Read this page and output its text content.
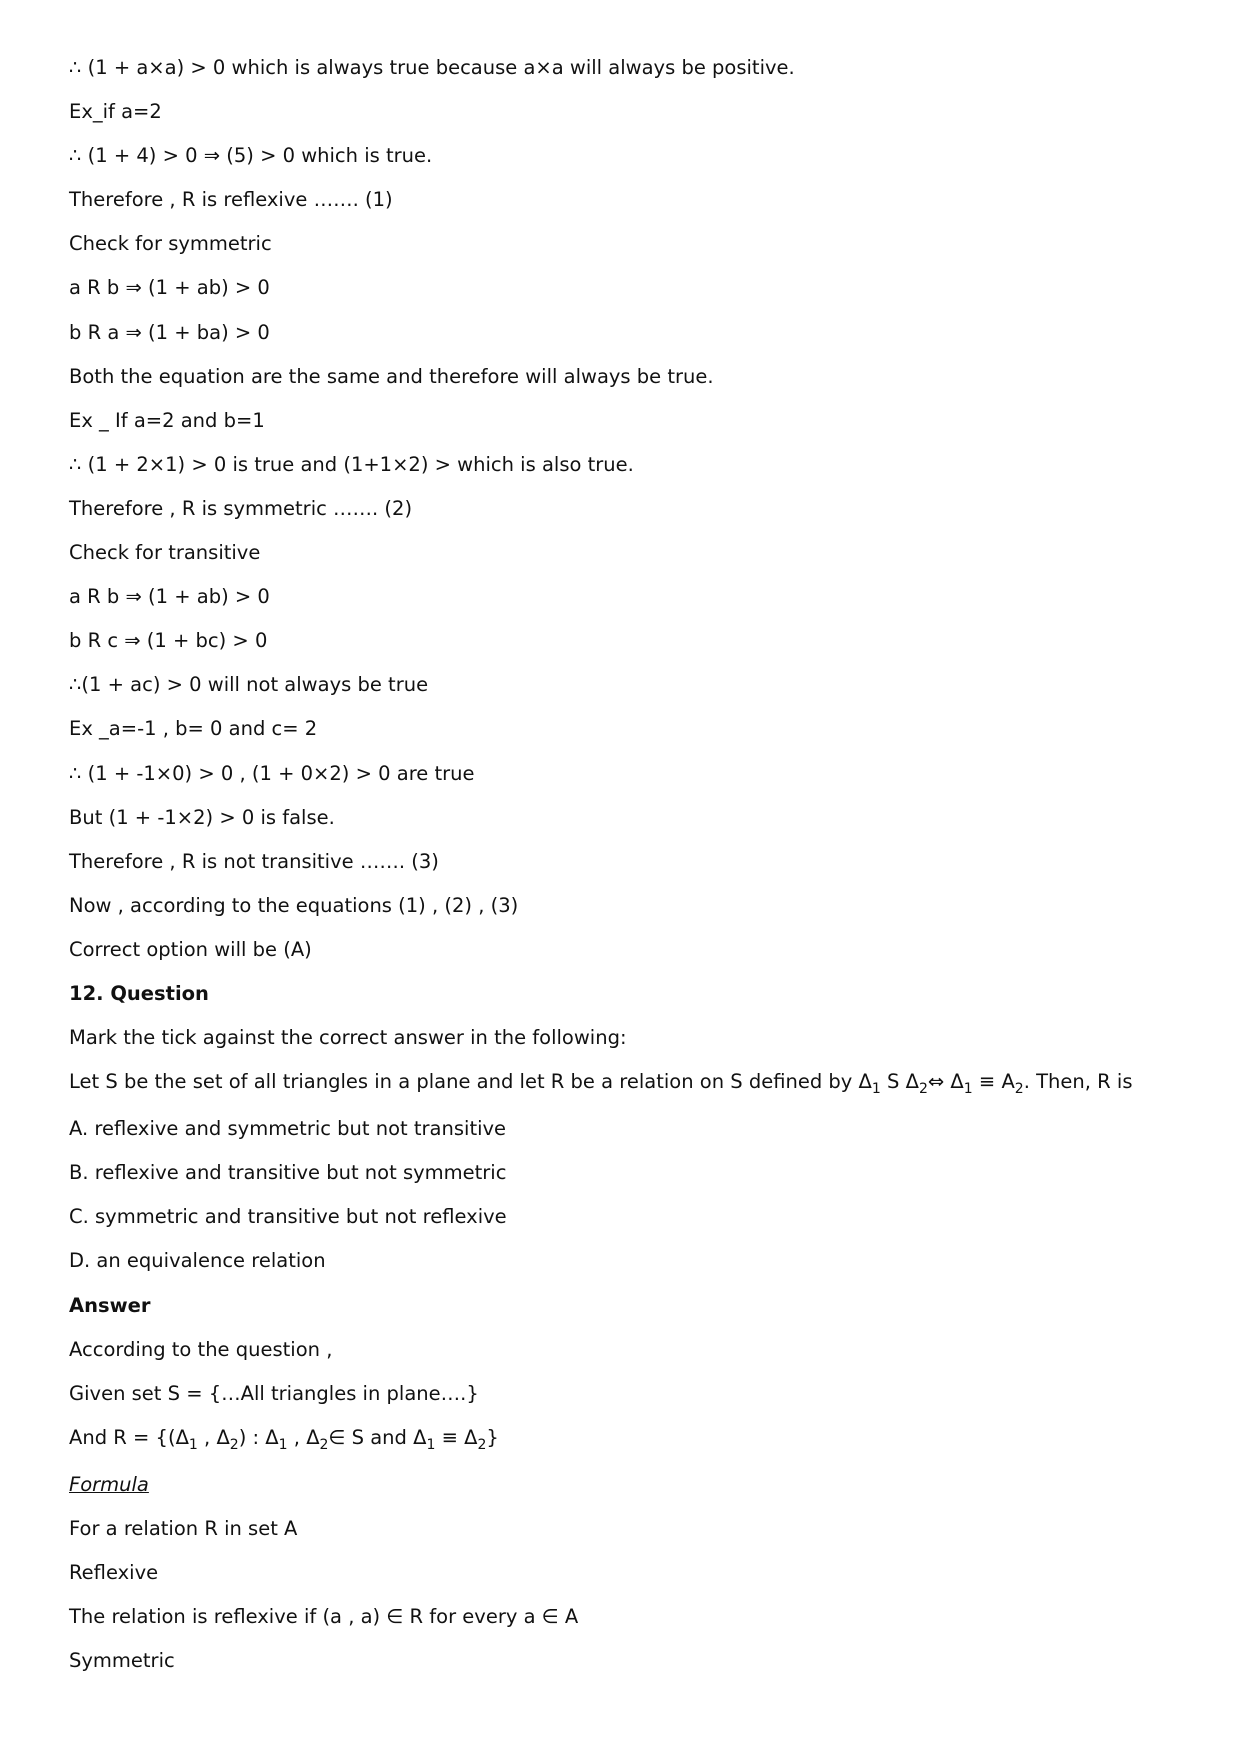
∴ (1 + a×a) > 0 which is always true because a×a will always be positive.
Ex_if a=2
∴ (1 + 4) > 0 ⇒ (5) > 0 which is true.
Therefore , R is reflexive ……. (1)
Check for symmetric
a R b ⇒ (1 + ab) > 0
b R a ⇒ (1 + ba) > 0
Both the equation are the same and therefore will always be true.
Ex _ If a=2 and b=1
∴ (1 + 2×1) > 0 is true and (1+1×2) > which is also true.
Therefore , R is symmetric ……. (2)
Check for transitive
a R b ⇒ (1 + ab) > 0
b R c ⇒ (1 + bc) > 0
∴(1 + ac) > 0 will not always be true
Ex _a=-1 , b= 0 and c= 2
∴ (1 + -1×0) > 0 , (1 + 0×2) > 0 are true
But (1 + -1×2) > 0 is false.
Therefore , R is not transitive ……. (3)
Now , according to the equations (1) , (2) , (3)
Correct option will be (A)
12. Question
Mark the tick against the correct answer in the following:
Let S be the set of all triangles in a plane and let R be a relation on S defined by $\Delta_1$ S $\Delta_2\Leftrightarrow$ $\Delta_1 \equiv A_2$. Then, R is
A. reflexive and symmetric but not transitive
B. reflexive and transitive but not symmetric
C. symmetric and transitive but not reflexive
D. an equivalence relation
Answer
According to the question ,
Given set S = {…All triangles in plane….}
And $R = \{(\Delta_1$ , $\Delta_2$) : $\Delta_1$ , $\Delta_2\in$ S and $\Delta_1 \equiv \Delta_2$}
Formula
For a relation R in set A
Reflexive
The relation is reflexive if (a , a) ∈ R for every a ∈ A
Symmetric
